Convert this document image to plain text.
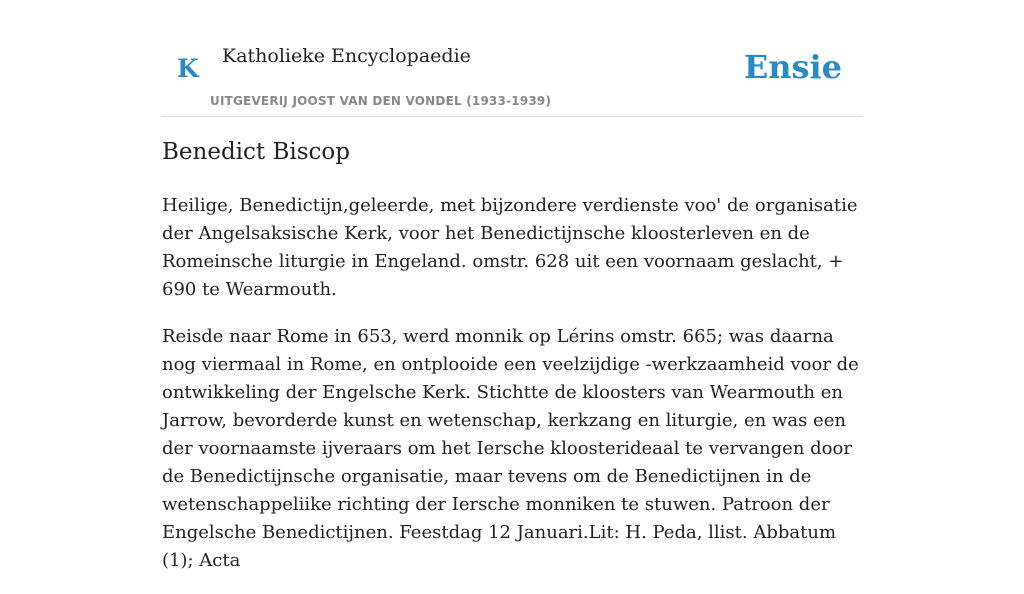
K Katholieke Encyclopaedie
UITGEVERIJ JOOST VAN DEN VONDEL (1933-1939)
Ensie
Benedict Biscop

Heilige, Benedictijn,geleerde, met bijzondere verdienste voo' de organisatie der Angelsaksische Kerk, voor het Benedictijnsche kloosterleven en de Romeinsche liturgie in Engeland. omstr. 628 uit een voornaam geslacht, + 690 te Wearmouth.

Reisde naar Rome in 653, werd monnik op Lérins omstr. 665; was daarna nog viermaal in Rome, en ontplooide een veelzijdige -werkzaamheid voor de ontwikkeling der Engelsche Kerk. Stichtte de kloosters van Wearmouth en Jarrow, bevorderde kunst en wetenschap, kerkzang en liturgie, en was een der voornaamste ijveraars om het Iersche kloosterideaal te vervangen door de Benedictijnsche organisatie, maar tevens om de Benedictijnen in de wetenschappeliike richting der Iersche monniken te stuwen. Patroon der Engelsche Benedictijnen. Feestdag 12 Januari.Lit: H. Peda, llist. Abbatum (1); Acta
